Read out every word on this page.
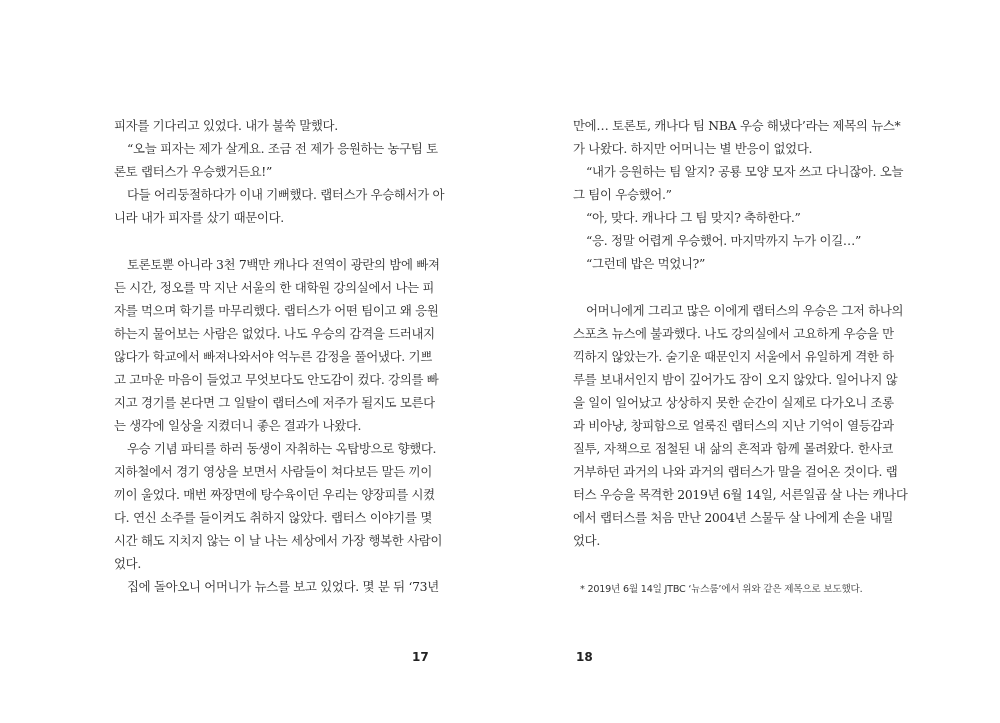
피자를 기다리고 있었다. 내가 불쑥 말했다.
“오늘 피자는 제가 살게요. 조금 전 제가 응원하는 농구팀 토
론토 랩터스가 우승했거든요!”
다들 어리둥절하다가 이내 기뻐했다. 랩터스가 우승해서가 아
니라 내가 피자를 샀기 때문이다.
토론토뿐 아니라 3천 7백만 캐나다 전역이 광란의 밤에 빠져
든 시간, 정오를 막 지난 서울의 한 대학원 강의실에서 나는 피
자를 먹으며 학기를 마무리했다. 랩터스가 어떤 팀이고 왜 응원
하는지 물어보는 사람은 없었다. 나도 우승의 감격을 드러내지
않다가 학교에서 빠져나와서야 억누른 감정을 풀어냈다. 기쁘
고 고마운 마음이 들었고 무엇보다도 안도감이 컸다. 강의를 빠
지고 경기를 본다면 그 일탈이 랩터스에 저주가 될지도 모른다
는 생각에 일상을 지켰더니 좋은 결과가 나왔다.
우승 기념 파티를 하러 동생이 자취하는 옥탑방으로 향했다.
지하철에서 경기 영상을 보면서 사람들이 쳐다보든 말든 끼이
끼이 울었다. 매번 짜장면에 탕수육이던 우리는 양장피를 시켰
다. 연신 소주를 들이켜도 취하지 않았다. 랩터스 이야기를 몇
시간 해도 지치지 않는 이 날 나는 세상에서 가장 행복한 사람이
었다.
집에 돌아오니 어머니가 뉴스를 보고 있었다. 몇 분 뒤 ‘73년
만에… 토론토, 캐나다 팀 NBA 우승 해냈다’라는 제목의 뉴스*
가 나왔다. 하지만 어머니는 별 반응이 없었다.
“내가 응원하는 팀 알지? 공룡 모양 모자 쓰고 다니잖아. 오늘
그 팀이 우승했어.”
“아, 맞다. 캐나다 그 팀 맞지? 축하한다.”
“응. 정말 어렵게 우승했어. 마지막까지 누가 이길…”
“그런데 밥은 먹었니?”
어머니에게 그리고 많은 이에게 랩터스의 우승은 그저 하나의
스포츠 뉴스에 불과했다. 나도 강의실에서 고요하게 우승을 만
끽하지 않았는가. 술기운 때문인지 서울에서 유일하게 격한 하
루를 보내서인지 밤이 깊어가도 잠이 오지 않았다. 일어나지 않
을 일이 일어났고 상상하지 못한 순간이 실제로 다가오니 조롱
과 비아냥, 창피함으로 얼룩진 랩터스의 지난 기억이 열등감과
질투, 자책으로 점철된 내 삶의 흔적과 함께 몰려왔다. 한사코
거부하던 과거의 나와 과거의 랩터스가 말을 걸어온 것이다. 랩
터스 우승을 목격한 2019년 6월 14일, 서른일곱 살 나는 캐나다
에서 랩터스를 처음 만난 2004년 스물두 살 나에게 손을 내밀
었다.
* 2019년 6월 14일 JTBC ‘뉴스룸’에서 위와 같은 제목으로 보도했다.
17	18
